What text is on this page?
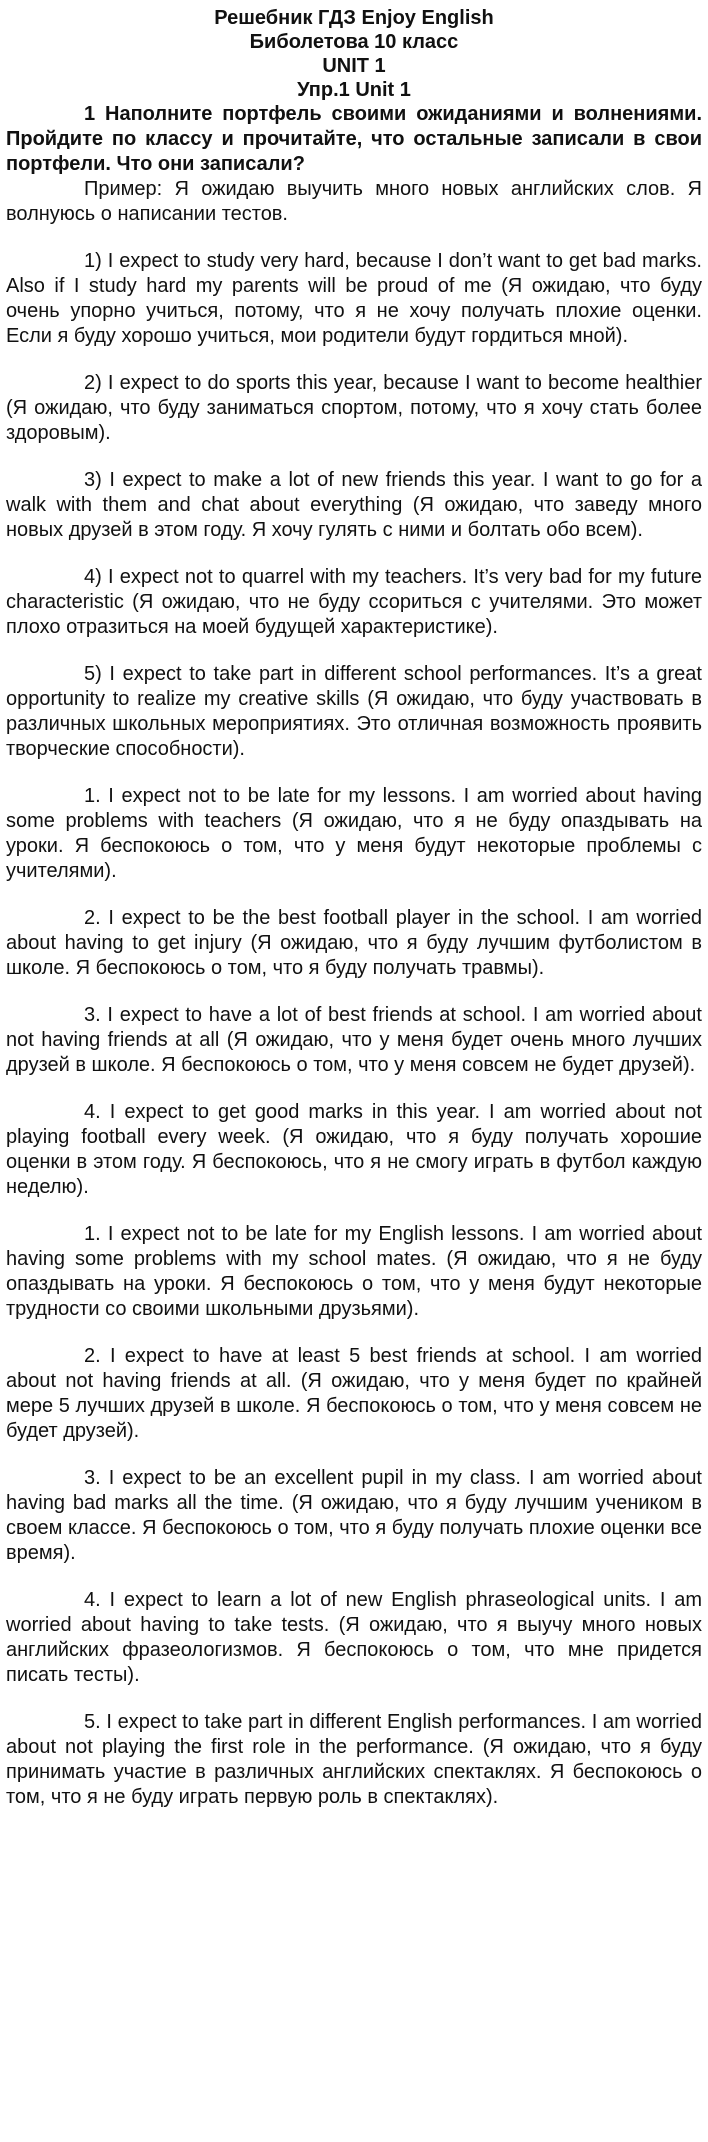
Решебник ГДЗ Enjoy English

Биболетова 10 класс

UNIT 1

Упр.1 Unit 1

1 Наполните портфель своими ожиданиями и волнениями. Пройдите по классу и прочитайте, что остальные записали в свои портфели. Что они записали?

Пример: Я ожидаю выучить много новых английских слов. Я волнуюсь о написании тестов.

1) I expect to study very hard, because I don’t want to get bad marks. Also if I study hard my parents will be proud of me (Я ожидаю, что буду очень упорно учиться, потому, что я не хочу получать плохие оценки. Если я буду хорошо учиться, мои родители будут гордиться мной).

2) I expect to do sports this year, because I want to become healthier (Я ожидаю, что буду заниматься спортом, потому, что я хочу стать более здоровым).

3) I expect to make a lot of new friends this year. I want to go for a walk with them and chat about everything (Я ожидаю, что заведу много новых друзей в этом году. Я хочу гулять с ними и болтать обо всем).

4) I expect not to quarrel with my teachers. It’s very bad for my future characteristic (Я ожидаю, что не буду ссориться с учителями. Это может плохо отразиться на моей будущей характеристике).

5) I expect to take part in different school performances. It’s a great opportunity to realize my creative skills (Я ожидаю, что буду участвовать в различных школьных мероприятиях. Это отличная возможность проявить творческие способности).

1. I expect not to be late for my lessons. I am worried about having some problems with teachers (Я ожидаю, что я не буду опаздывать на уроки. Я беспокоюсь о том, что у меня будут некоторые проблемы с учителями).

2. I expect to be the best football player in the school. I am worried about having to get injury (Я ожидаю, что я буду лучшим футболистом в школе. Я беспокоюсь о том, что я буду получать травмы).

3. I expect to have a lot of best friends at school. I am worried about not having friends at all (Я ожидаю, что у меня будет очень много лучших друзей в школе. Я беспокоюсь о том, что у меня совсем не будет друзей).

4. I expect to get good marks in this year. I am worried about not playing football every week. (Я ожидаю, что я буду получать хорошие оценки в этом году. Я беспокоюсь, что я не смогу играть в футбол каждую неделю).

1. I expect not to be late for my English lessons. I am worried about having some problems with my school mates. (Я ожидаю, что я не буду опаздывать на уроки. Я беспокоюсь о том, что у меня будут некоторые трудности со своими школьными друзьями).

2. I expect to have at least 5 best friends at school. I am worried about not having friends at all. (Я ожидаю, что у меня будет по крайней мере 5 лучших друзей в школе. Я беспокоюсь о том, что у меня совсем не будет друзей).

3. I expect to be an excellent pupil in my class. I am worried about having bad marks all the time. (Я ожидаю, что я буду лучшим учеником в своем классе. Я беспокоюсь о том, что я буду получать плохие оценки все время).

4. I expect to learn a lot of new English phraseological units. I am worried about having to take tests. (Я ожидаю, что я выучу много новых английских фразеологизмов. Я беспокоюсь о том, что мне придется писать тесты).

5. I expect to take part in different English performances. I am worried about not playing the first role in the performance. (Я ожидаю, что я буду принимать участие в различных английских спектаклях. Я беспокоюсь о том, что я не буду играть первую роль в спектаклях).
